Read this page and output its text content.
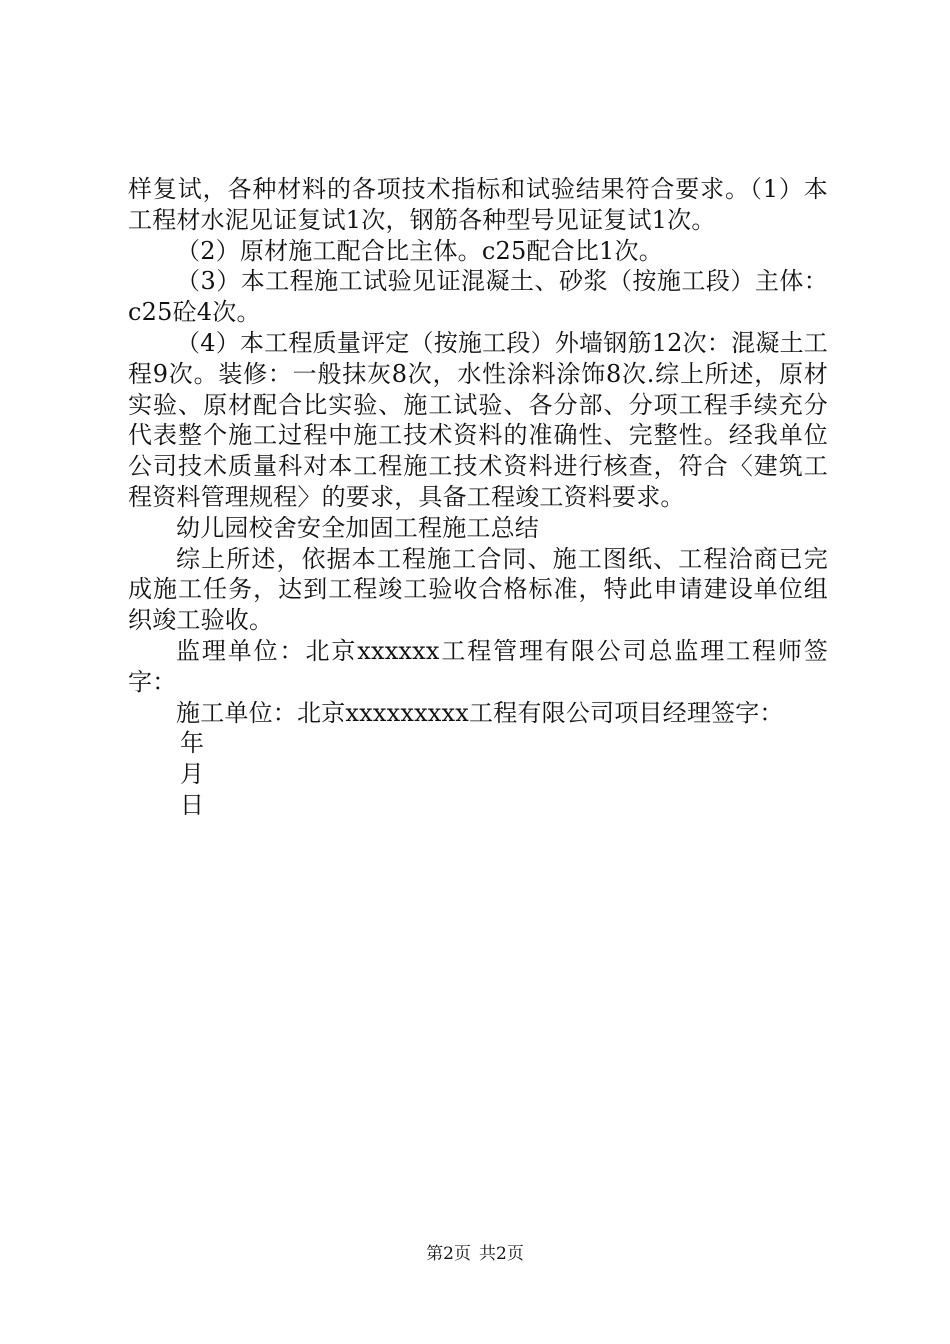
样复试，各种材料的各项技术指标和试验结果符合要求。（1）本工程材水泥见证复试1次，钢筋各种型号见证复试1次。

（2）原材施工配合比主体。c25配合比1次。

（3）本工程施工试验见证混凝土、砂浆（按施工段）主体：c25砼4次。

（4）本工程质量评定（按施工段）外墙钢筋12次：混凝土工程9次。装修：一般抹灰8次，水性涂料涂饰8次.综上所述，原材实验、原材配合比实验、施工试验、各分部、分项工程手续充分代表整个施工过程中施工技术资料的准确性、完整性。经我单位公司技术质量科对本工程施工技术资料进行核查，符合〈建筑工程资料管理规程〉的要求，具备工程竣工资料要求。

幼儿园校舍安全加固工程施工总结

综上所述，依据本工程施工合同、施工图纸、工程洽商已完成施工任务，达到工程竣工验收合格标准，特此申请建设单位组织竣工验收。

监理单位：北京xxxxxx工程管理有限公司总监理工程师签字：

施工单位：北京xxxxxxxxx工程有限公司项目经理签字：

年

月

日

第2页 共2页
